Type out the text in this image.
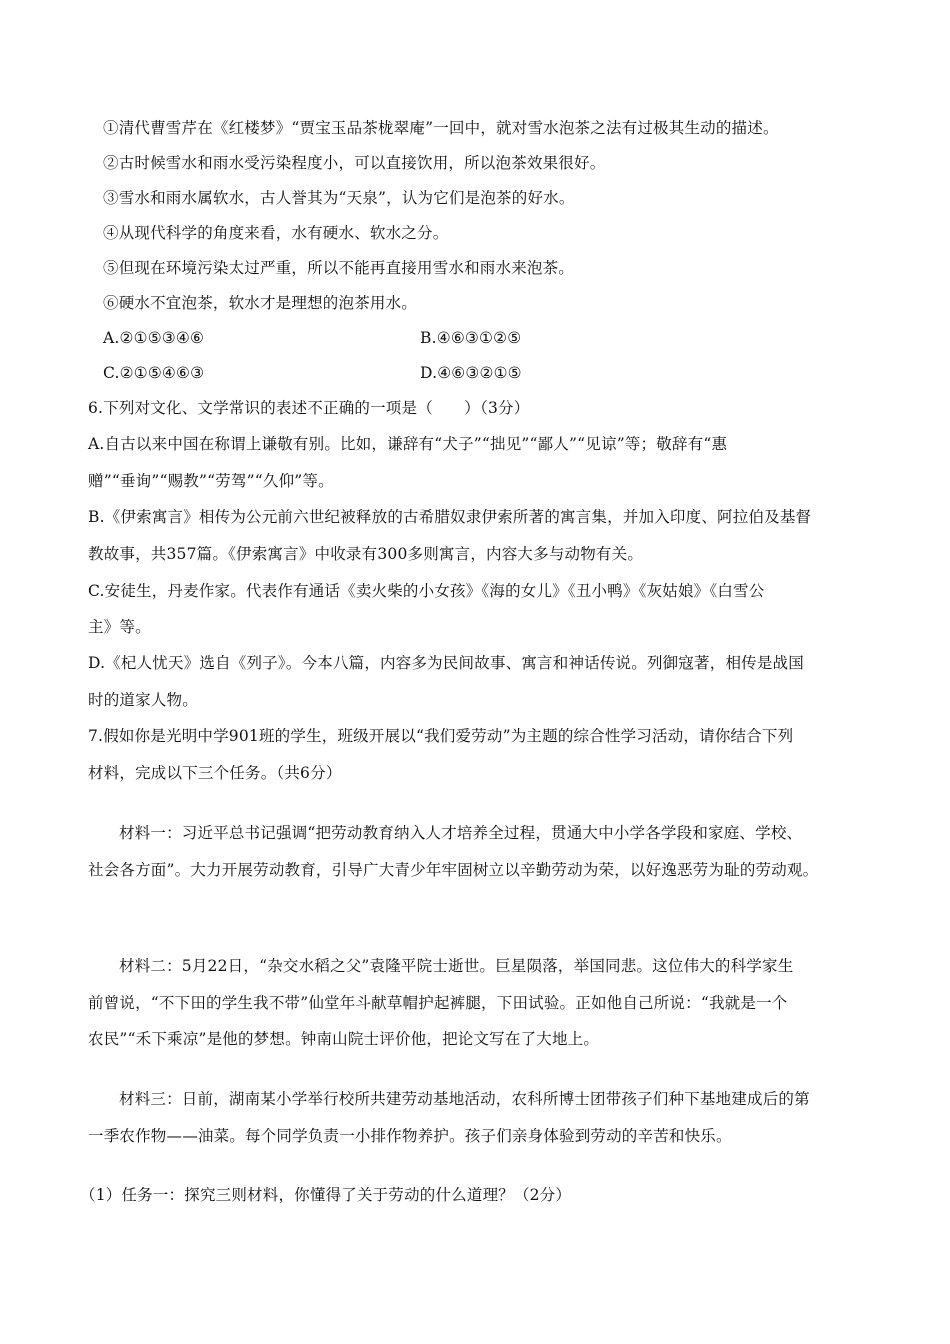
①清代曹雪芹在《红楼梦》“贾宝玉品茶栊翠庵”一回中，就对雪水泡茶之法有过极其生动的描述。
②古时候雪水和雨水受污染程度小，可以直接饮用，所以泡茶效果很好。
③雪水和雨水属软水，古人誉其为“天泉”，认为它们是泡茶的好水。
④从现代科学的角度来看，水有硬水、软水之分。
⑤但现在环境污染太过严重，所以不能再直接用雪水和雨水来泡茶。
⑥硬水不宜泡茶，软水才是理想的泡茶用水。
A.②①⑤③④⑥	B.④⑥③①②⑤
C.②①⑤④⑥③	D.④⑥③②①⑤
6.下列对文化、文学常识的表述不正确的一项是（　　）（3分）
A.自古以来中国在称谓上谦敬有别。比如，谦辞有“犬子”“拙见”“鄙人”“见谅”等；敬辞有“惠
赠”“垂询”“赐教”“劳驾”“久仰”等。
B.《伊索寓言》相传为公元前六世纪被释放的古希腊奴隶伊索所著的寓言集，并加入印度、阿拉伯及基督
教故事，共357篇。《伊索寓言》中收录有300多则寓言，内容大多与动物有关。
C.安徒生，丹麦作家。代表作有通话《卖火柴的小女孩》《海的女儿》《丑小鸭》《灰姑娘》《白雪公
主》等。
D.《杞人忧天》选自《列子》。今本八篇，内容多为民间故事、寓言和神话传说。列御寇著，相传是战国
时的道家人物。
7.假如你是光明中学901班的学生，班级开展以“我们爱劳动”为主题的综合性学习活动，请你结合下列
材料，完成以下三个任务。（共6分）
材料一：习近平总书记强调“把劳动教育纳入人才培养全过程，贯通大中小学各学段和家庭、学校、
社会各方面”。大力开展劳动教育，引导广大青少年牢固树立以辛勤劳动为荣，以好逸恶劳为耻的劳动观。
材料二：5月22日，“杂交水稻之父”袁隆平院士逝世。巨星陨落，举国同悲。这位伟大的科学家生
前曾说，“不下田的学生我不带”仙堂年斗献草帽护起裤腿，下田试验。正如他自己所说：“我就是一个
农民”“禾下乘凉”是他的梦想。钟南山院士评价他，把论文写在了大地上。
材料三：日前，湖南某小学举行校所共建劳动基地活动，农科所博士团带孩子们种下基地建成后的第
一季农作物——油菜。每个同学负责一小排作物养护。孩子们亲身体验到劳动的辛苦和快乐。
（1）任务一：探究三则材料，你懂得了关于劳动的什么道理？（2分）
